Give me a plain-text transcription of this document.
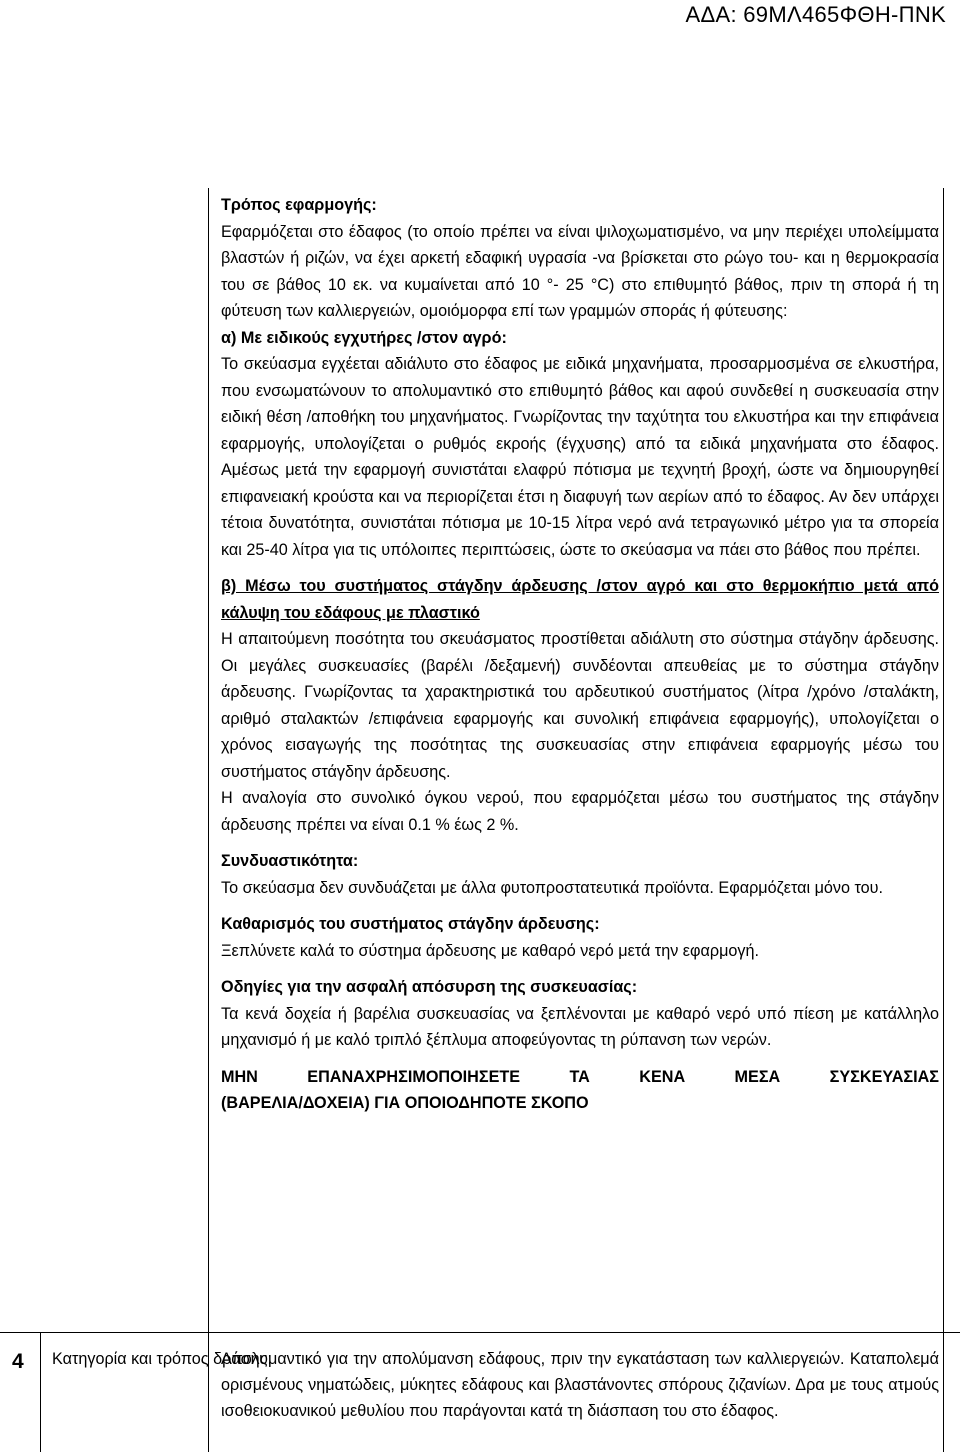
ΑΔΑ: 69ΜΛ465ΦΘΗ-ΠΝΚ

Τρόπος εφαρμογής:

Εφαρμόζεται στο έδαφος (το οποίο πρέπει να είναι ψιλοχωματισμένο, να μην περιέχει υπολείμματα βλαστών ή ριζών, να έχει αρκετή εδαφική υγρασία -να βρίσκεται στο ρώγο του- και η θερμοκρασία του σε βάθος 10 εκ. να κυμαίνεται από 10 °- 25 °C) στο επιθυμητό βάθος, πριν τη σπορά ή τη φύτευση των καλλιεργειών, ομοιόμορφα επί των γραμμών σποράς ή φύτευσης:

α) Με ειδικούς εγχυτήρες /στον αγρό:

Το σκεύασμα εγχέεται αδιάλυτο στο έδαφος με ειδικά μηχανήματα, προσαρμοσμένα σε ελκυστήρα, που ενσωματώνουν το απολυμαντικό στο επιθυμητό βάθος και αφού συνδεθεί η συσκευασία στην ειδική θέση /αποθήκη του μηχανήματος. Γνωρίζοντας την ταχύτητα του ελκυστήρα και την επιφάνεια εφαρμογής, υπολογίζεται ο ρυθμός εκροής (έγχυσης) από τα ειδικά μηχανήματα στο έδαφος. Αμέσως μετά την εφαρμογή συνιστάται ελαφρύ πότισμα με τεχνητή βροχή, ώστε να δημιουργηθεί επιφανειακή κρούστα και να περιορίζεται έτσι η διαφυγή των αερίων από το έδαφος. Αν δεν υπάρχει τέτοια δυνατότητα, συνιστάται πότισμα με 10-15 λίτρα νερό ανά τετραγωνικό μέτρο για τα σπορεία και 25-40 λίτρα για τις υπόλοιπες περιπτώσεις, ώστε το σκεύασμα να πάει στο βάθος που πρέπει.

β) Μέσω του συστήματος στάγδην άρδευσης /στον αγρό και στο θερμοκήπιο μετά από κάλυψη του εδάφους με πλαστικό

Η απαιτούμενη ποσότητα του σκευάσματος προστίθεται αδιάλυτη στο σύστημα στάγδην άρδευσης. Οι μεγάλες συσκευασίες (βαρέλι /δεξαμενή) συνδέονται απευθείας με το σύστημα στάγδην άρδευσης. Γνωρίζοντας τα χαρακτηριστικά του αρδευτικού συστήματος (λίτρα /χρόνο /σταλάκτη, αριθμό σταλακτών /επιφάνεια εφαρμογής και συνολική επιφάνεια εφαρμογής), υπολογίζεται ο χρόνος εισαγωγής της ποσότητας της συσκευασίας στην επιφάνεια εφαρμογής μέσω του συστήματος στάγδην άρδευσης.

Η αναλογία στο συνολικό όγκου νερού, που εφαρμόζεται μέσω του συστήματος της στάγδην άρδευσης πρέπει να είναι 0.1 % έως 2 %.

Συνδυαστικότητα:

Το σκεύασμα δεν συνδυάζεται με άλλα φυτοπροστατευτικά προϊόντα. Εφαρμόζεται μόνο του.

Καθαρισμός του συστήματος στάγδην άρδευσης:

Ξεπλύνετε καλά το σύστημα άρδευσης με καθαρό νερό μετά την εφαρμογή.

Οδηγίες για την ασφαλή απόσυρση της συσκευασίας:

Τα κενά δοχεία ή βαρέλια συσκευασίας να ξεπλένονται με καθαρό νερό υπό πίεση με κατάλληλο μηχανισμό ή με καλό τριπλό ξέπλυμα αποφεύγοντας τη ρύπανση των νερών.

ΜΗΝ ΕΠΑΝΑΧΡΗΣΙΜΟΠΟΙΗΣΕΤΕ ΤΑ ΚΕΝΑ ΜΕΣΑ ΣΥΣΚΕΥΑΣΙΑΣ
(ΒΑΡΕΛΙΑ/ΔΟΧΕΙΑ) ΓΙΑ ΟΠΟΙΟΔΗΠΟΤΕ ΣΚΟΠΟ
4 Κατηγορία και τρόπος δράσης:
Απολυμαντικό για την απολύμανση εδάφους, πριν την εγκατάσταση των καλλιεργειών. Καταπολεμά ορισμένους νηματώδεις, μύκητες εδάφους και βλαστάνοντες σπόρους ζιζανίων. Δρα με τους ατμούς ισοθειοκυανικού μεθυλίου που παράγονται κατά τη διάσπαση του στο έδαφος.
